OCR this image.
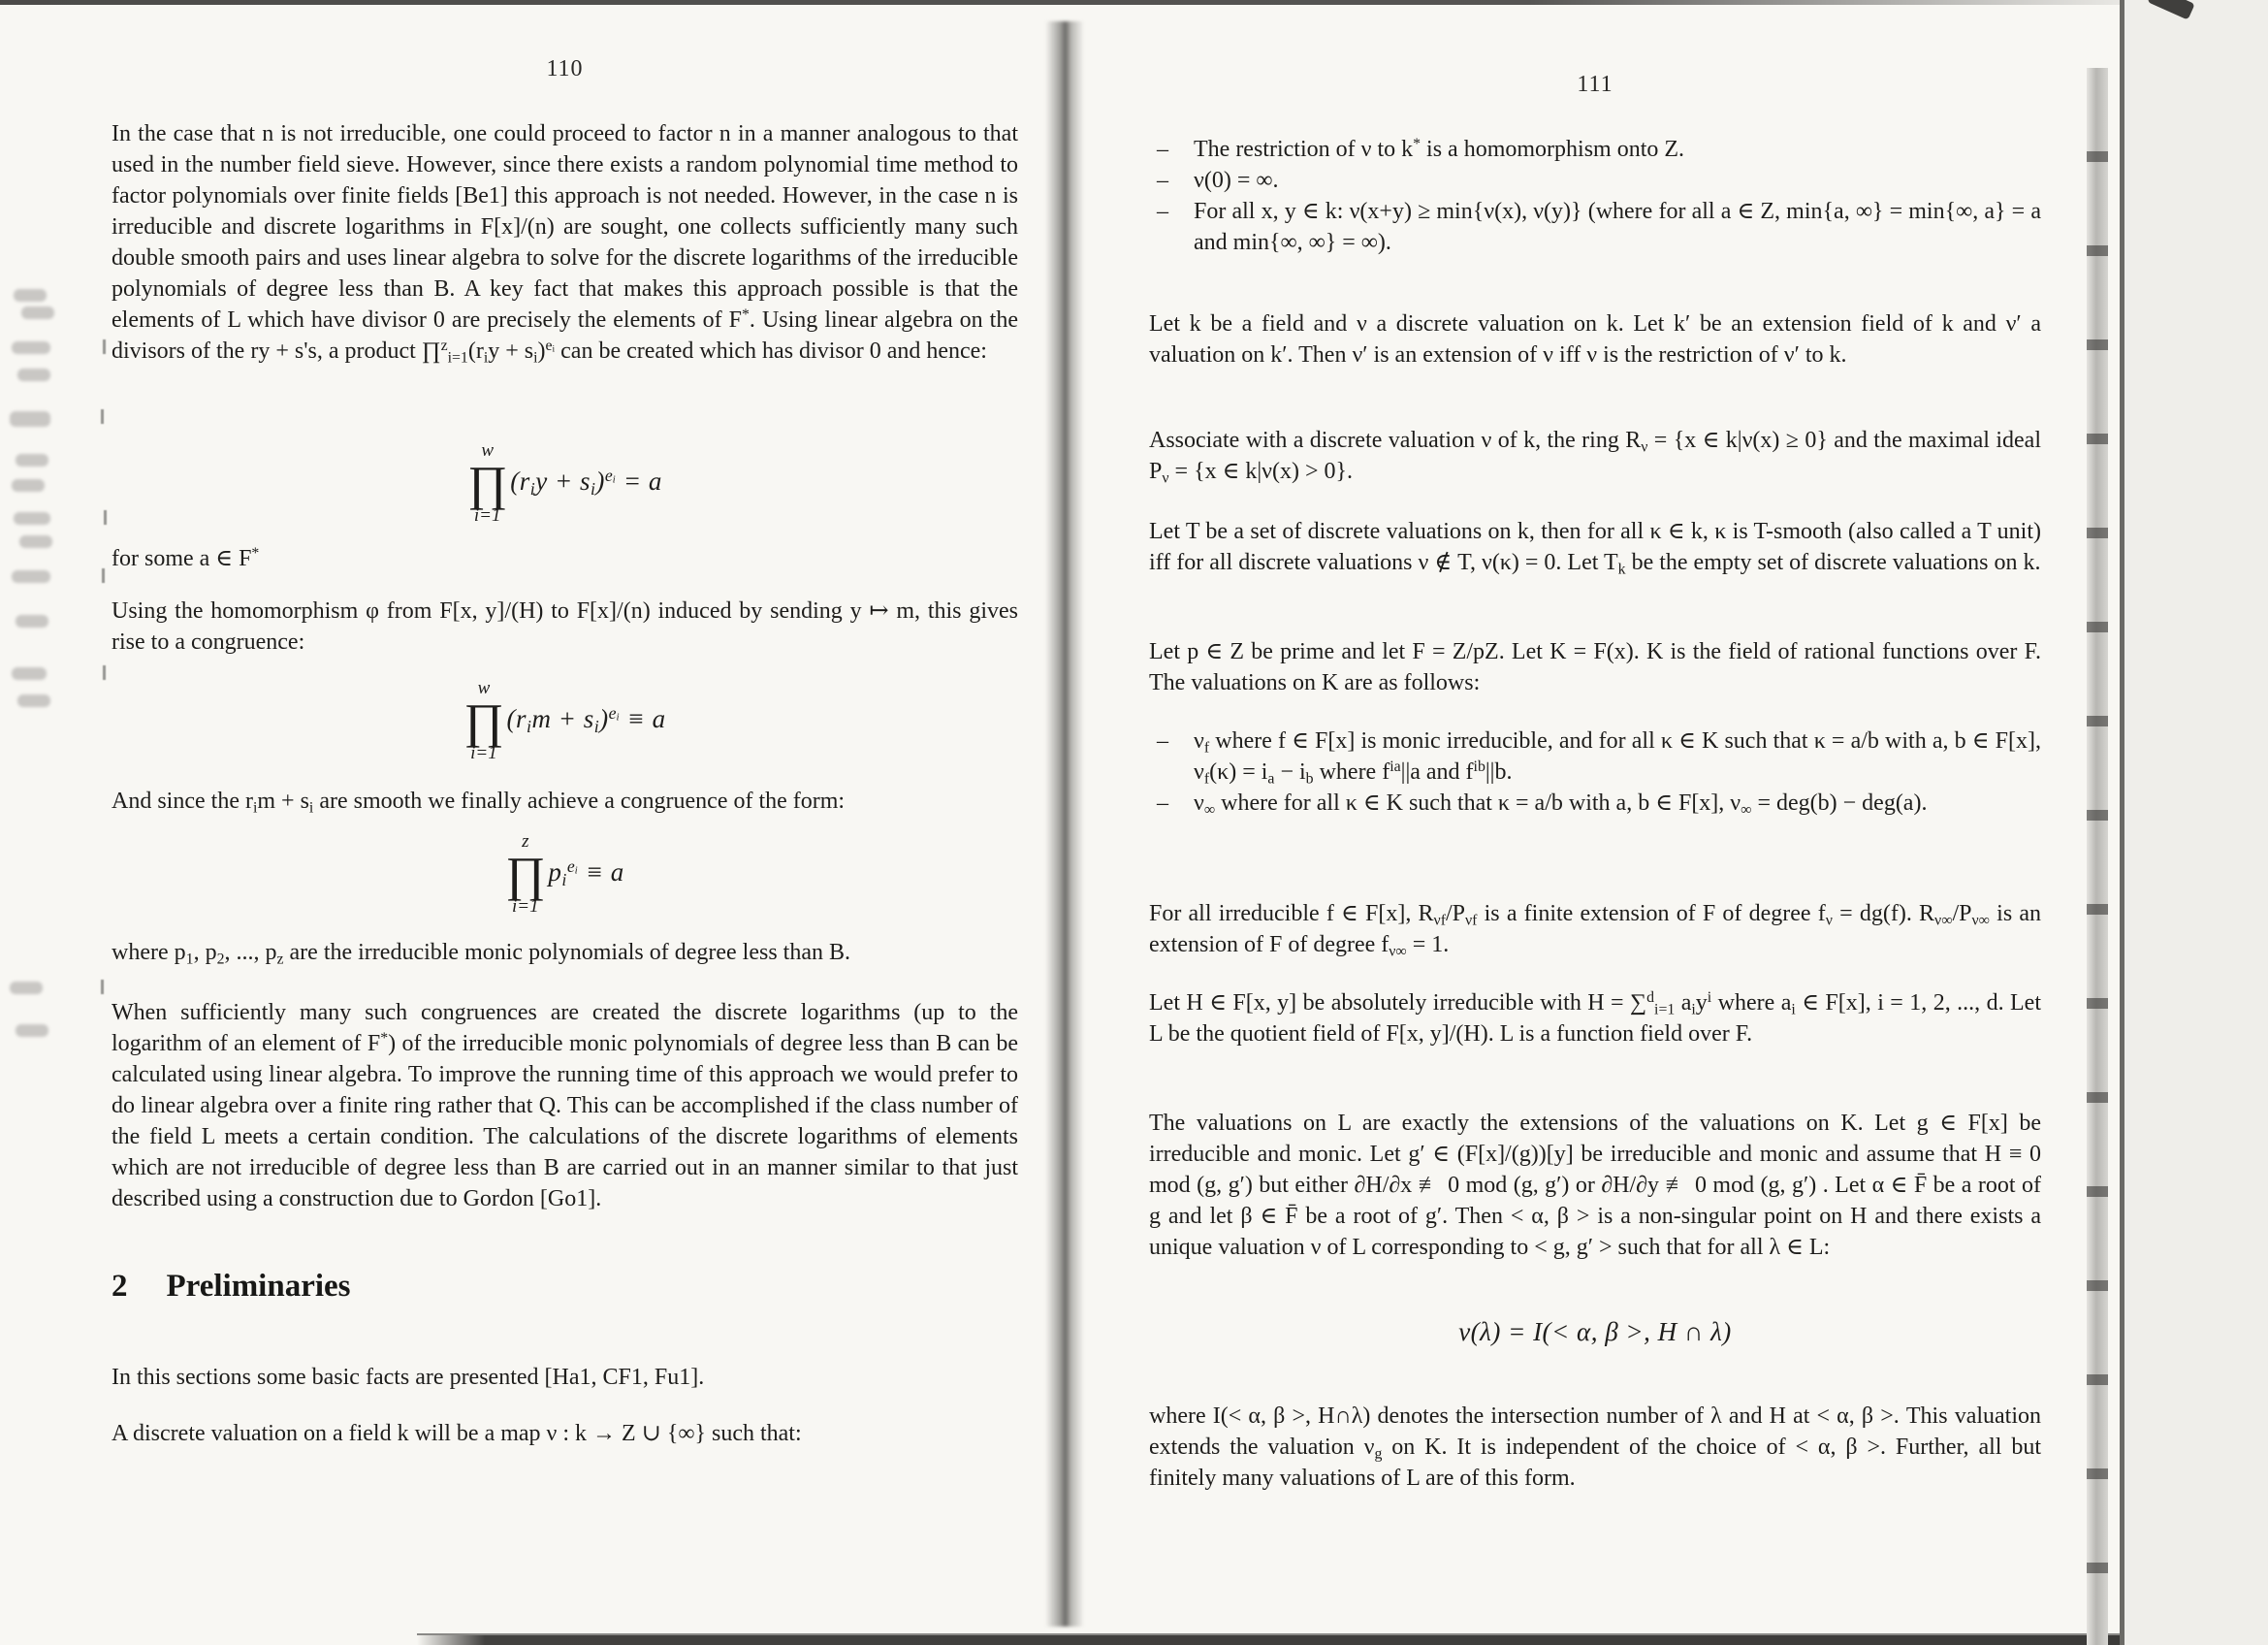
110
In the case that n is not irreducible, one could proceed to factor n in a manner analogous to that used in the number field sieve. However, since there exists a random polynomial time method to factor polynomials over finite fields [Be1] this approach is not needed. However, in the case n is irreducible and discrete logarithms in F[x]/(n) are sought, one collects sufficiently many such double smooth pairs and uses linear algebra to solve for the discrete logarithms of the irreducible polynomials of degree less than B. A key fact that makes this approach possible is that the elements of L which have divisor 0 are precisely the elements of F*. Using linear algebra on the divisors of the ry + s's, a product $\prod^z_{i=1}(r_iy + s_i)^{eᵢ}$ can be created which has divisor 0 and hence:
w
∏
i=1
$(r_iy + s_i)^{eᵢ} = a$
for some a ∈ F*
Using the homomorphism φ from F[x, y]/(H) to F[x]/(n) induced by sending y ↦ m, this gives rise to a congruence:
w
∏
i=1
$(r_im + s_i)^{eᵢ} \equiv a$
And since the $r_im + s_i$ are smooth we finally achieve a congruence of the form:
z
∏
i=1
$p_i^{eᵢ} \equiv a$
where $p_1$, $p_2$, ..., $p_z$ are the irreducible monic polynomials of degree less than B.
When sufficiently many such congruences are created the discrete logarithms (up to the logarithm of an element of F*) of the irreducible monic polynomials of degree less than B can be calculated using linear algebra. To improve the running time of this approach we would prefer to do linear algebra over a finite ring rather that Q. This can be accomplished if the class number of the field L meets a certain condition. The calculations of the discrete logarithms of elements which are not irreducible of degree less than B are carried out in an manner similar to that just described using a construction due to Gordon [Go1].
2 Preliminaries
In this sections some basic facts are presented [Ha1, CF1, Fu1].
A discrete valuation on a field k will be a map ν : k → Z ∪ {∞} such that:
111
– The restriction of ν to k* is a homomorphism onto Z.
– ν(0) = ∞.
– For all x, y ∈ k: ν(x+y) ≥ min{ν(x), ν(y)} (where for all a ∈ Z, min{a, ∞} = min{∞, a} = a and min{∞, ∞} = ∞).
Let k be a field and ν a discrete valuation on k. Let k′ be an extension field of k and ν′ a valuation on k′. Then ν′ is an extension of ν iff ν is the restriction of ν′ to k.
Associate with a discrete valuation ν of k, the ring $R_\nu = \{x$ ∈ k|ν(x) ≥ 0} and the maximal ideal $P_\nu = \{x$ ∈ k|ν(x) > 0}.
Let T be a set of discrete valuations on k, then for all κ ∈ k, κ is T-smooth (also called a T unit) iff for all discrete valuations ν ∉ T, ν(κ) = 0. Let $T_k$ be the empty set of discrete valuations on k.
Let p ∈ Z be prime and let F = Z/pZ. Let K = F(x). K is the field of rational functions over F. The valuations on K are as follows:
– $\nu_f$ where f ∈ F[x] is monic irreducible, and for all κ ∈ K such that κ = a/b with a, b ∈ F[x], $\nu_f(\kappa) = i_a - i_b$ where $f^{ia}||a$ and $f^{ib}||b$.
– $\nu_\infty$ where for all κ ∈ K such that κ = a/b with a, b ∈ F[x], $\nu_\infty = deg(b) - deg(a)$.
For all irreducible f ∈ F[x], $R_{\nu f}/P_{\nu f}$ is a finite extension of F of degree $f_\nu = dg(f)$. $R_{\nu\infty}/P_{\nu\infty}$ is an extension of F of degree $f_{\nu\infty} = 1$.
Let H ∈ F[x, y] be absolutely irreducible with H = ∑$^d_{i=1}$ $a_iy^i$ where $a_i$ ∈ F[x], i = 1, 2, ..., d. Let L be the quotient field of F[x, y]/(H). L is a function field over F.
The valuations on L are exactly the extensions of the valuations on K. Let g ∈ F[x] be irreducible and monic. Let g′ ∈ (F[x]/(g))[y] be irreducible and monic and assume that H ≡ 0 mod (g, g′) but either ∂H/∂x ≢ 0 mod (g, g′) or ∂H/∂y ≢ 0 mod (g, g′) . Let α ∈ F̄ be a root of g and let β ∈ F̄ be a root of g′. Then < α, β > is a non-singular point on H and there exists a unique valuation ν of L corresponding to < g, g′ > such that for all λ ∈ L:
ν(λ) = I(< α, β >, H ∩ λ)
where I(< α, β >, H∩λ) denotes the intersection number of λ and H at < α, β >. This valuation extends the valuation $\nu_g$ on K. It is independent of the choice of < α, β >. Further, all but finitely many valuations of L are of this form.
